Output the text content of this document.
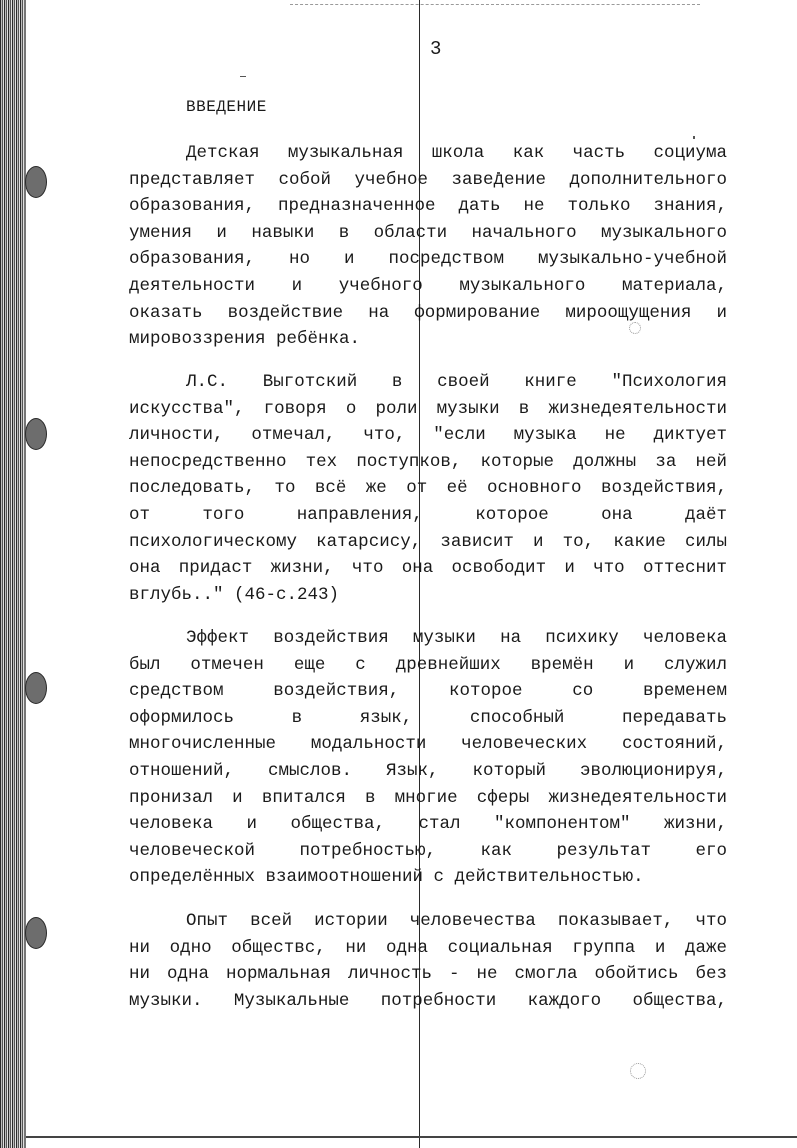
3
ВВЕДЕНИЕ
Детская музыкальная школа как часть социума
представляет собой учебное заведение дополнительного
образования, предназначенное дать не только знания,
умения и навыки в области начального музыкального
образования, но и посредством музыкально-учебной
деятельности и учебного музыкального материала,
оказать воздействие на формирование мироощущения и
мировоззрения ребёнка.
Л.С. Выготский в своей книге "Психология
искусства", говоря о роли музыки в жизнедеятельности
личности, отмечал, что, "если музыка не диктует
непосредственно тех поступков, которые должны за ней
последовать, то всё же от её основного воздействия,
от того направления, которое она даёт
психологическому катарсису, зависит и то, какие силы
она придаст жизни, что она освободит и что оттеснит
вглубь.." (46-с.243)
Эффект воздействия музыки на психику человека
был отмечен еще с древнейших времён и служил
средством воздействия, которое со временем
оформилось в язык, способный передавать
многочисленные модальности человеческих состояний,
отношений, смыслов. Язык, который эволюционируя,
пронизал и впитался в многие сферы жизнедеятельности
человека и общества, стал "компонентом" жизни,
человеческой потребностью, как результат его
определённых взаимоотношений с действительностью.
Опыт всей истории человечества показывает, что
ни одно обществс, ни одна социальная группа и даже
ни одна нормальная личность - не смогла обойтись без
музыки. Музыкальные потребности каждого общества,
